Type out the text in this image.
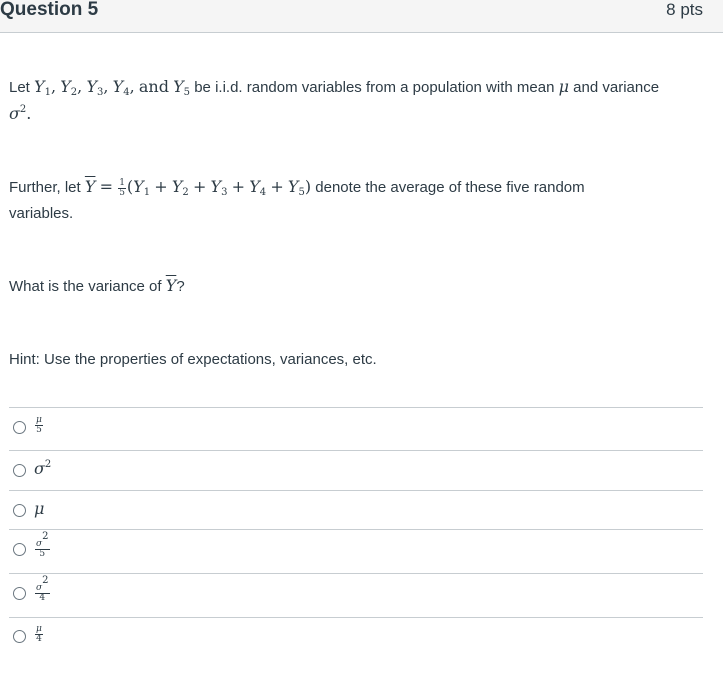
Question 5	8 pts
Let $Y_1$, $Y_2$, $Y_3$, $Y_4$, and $Y_5$ be i.i.d. random variables from a population with mean μ and variance
$\sigma^2$.
Further, let $\overline{Y} = \frac{1}{5} (Y_1 + Y_2 + Y_3 + Y_4 + Y_5)$ denote the average of these five random
variables.
What is the variance of $\overline{Y}$?
Hint: Use the properties of expectations, variances, etc.
$\frac{\mu}{5}$
$\sigma^2$
μ
$\frac{\sigma^2}{5}$
$\frac{\sigma^2}{4}$
$\frac{\mu}{4}$
